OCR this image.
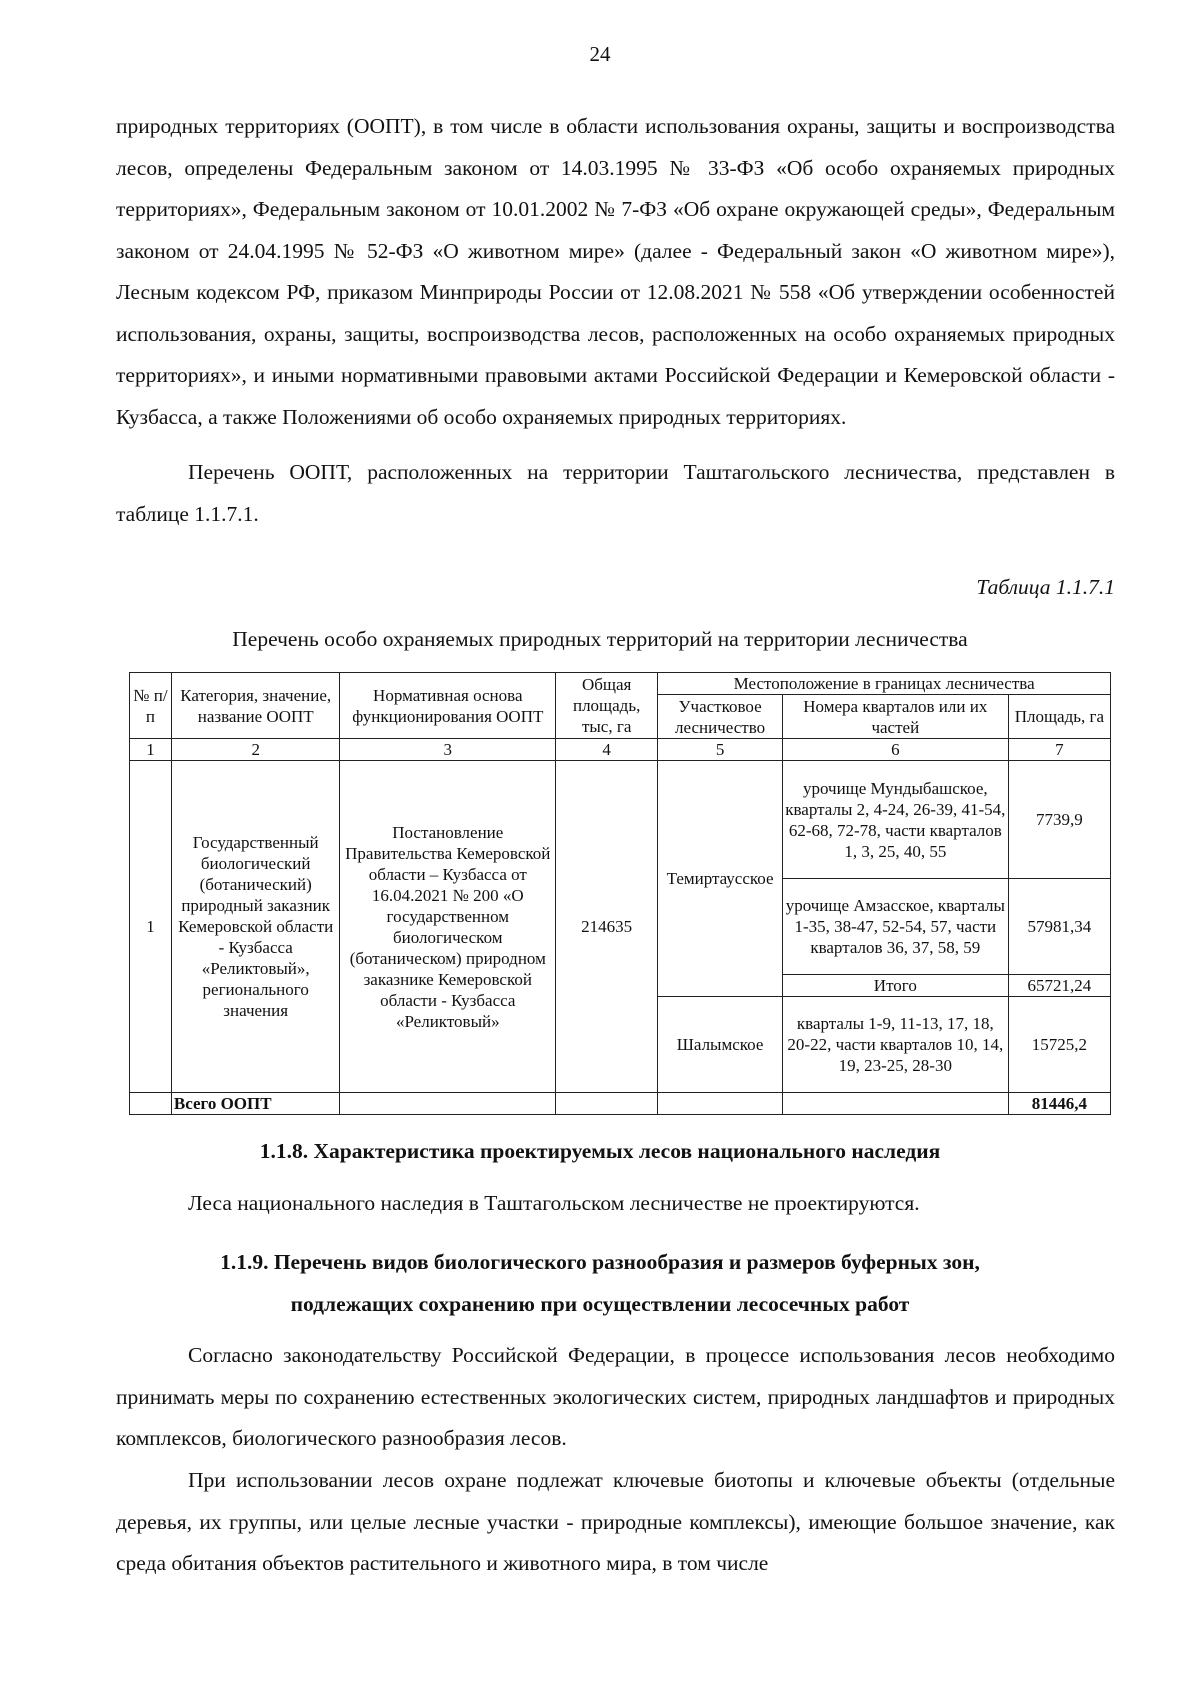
24

природных территориях (ООПТ), в том числе в области использования охраны, защиты и воспроизводства лесов, определены Федеральным законом от 14.03.1995 № 33-ФЗ «Об особо охраняемых природных территориях», Федеральным законом от 10.01.2002 № 7-ФЗ «Об охране окружающей среды», Федеральным законом от 24.04.1995 № 52-ФЗ «О животном мире» (далее - Федеральный закон «О животном мире»), Лесным кодексом РФ, приказом Минприроды России от 12.08.2021 № 558 «Об утверждении особенностей использования, охраны, защиты, воспроизводства лесов, расположенных на особо охраняемых природных территориях», и иными нормативными правовыми актами Российской Федерации и Кемеровской области - Кузбасса, а также Положениями об особо охраняемых природных территориях.

Перечень ООПТ, расположенных на территории Таштагольского лесничества, представлен в таблице 1.1.7.1.

Таблица 1.1.7.1
Перечень особо охраняемых природных территорий на территории лесничества
№ п/п	Категория, значение, название ООПТ	Нормативная основа функционирования ООПТ	Общая площадь, тыс, га	Местоположение в границах лесничества		
				Участковое лесничество	Номера кварталов или их частей	Площадь, га
1	2	3	4	5	6	7
1	Государственный биологический (ботанический) природный заказник Кемеровской области - Кузбасса «Реликтовый», регионального значения	Постановление Правительства Кемеровской области – Кузбасса от 16.04.2021 № 200 «О государственном биологическом (ботаническом) природном заказнике Кемеровской области - Кузбасса «Реликтовый»	214635	Темиртаусское	урочище Мундыбашское, кварталы 2, 4-24, 26-39, 41-54, 62-68, 72-78, части кварталов 1, 3, 25, 40, 55	7739,9
					урочище Амзасское, кварталы 1-35, 38-47, 52-54, 57, части кварталов 36, 37, 58, 59	57981,34
					Итого	65721,24
				Шалымское	кварталы 1-9, 11-13, 17, 18, 20-22, части кварталов 10, 14, 19, 23-25, 28-30	15725,2
	Всего ООПТ					81446,4

1.1.8. Характеристика проектируемых лесов национального наследия

Леса национального наследия в Таштагольском лесничестве не проектируются.

1.1.9. Перечень видов биологического разнообразия и размеров буферных зон,

подлежащих сохранению при осуществлении лесосечных работ

Согласно законодательству Российской Федерации, в процессе использования лесов необходимо принимать меры по сохранению естественных экологических систем, природных ландшафтов и природных комплексов, биологического разнообразия лесов.

При использовании лесов охране подлежат ключевые биотопы и ключевые объекты (отдельные деревья, их группы, или целые лесные участки - природные комплексы), имеющие большое значение, как среда обитания объектов растительного и животного мира, в том числе
